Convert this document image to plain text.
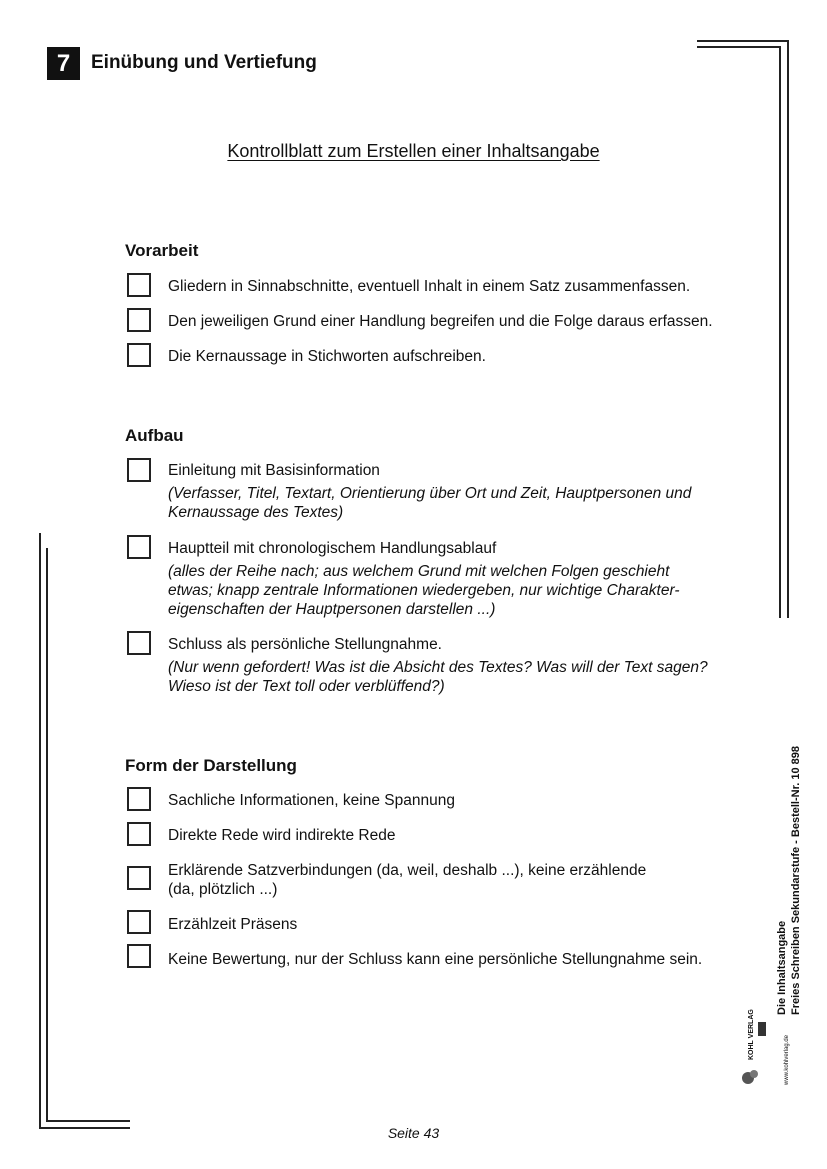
7	Einübung und Vertiefung
Kontrollblatt zum Erstellen einer Inhaltsangabe
Vorarbeit
Gliedern in Sinnabschnitte, eventuell Inhalt in einem Satz zusammenfassen.
Den jeweiligen Grund einer Handlung begreifen und die Folge daraus erfassen.
Die Kernaussage in Stichworten aufschreiben.
Aufbau
Einleitung mit Basisinformation
(Verfasser, Titel, Textart, Orientierung über Ort und Zeit, Hauptpersonen und Kernaussage des Textes)
Hauptteil mit chronologischem Handlungsablauf
(alles der Reihe nach; aus welchem Grund mit welchen Folgen geschieht etwas; knapp zentrale Informationen wiedergeben, nur wichtige Charakter-eigenschaften der Hauptpersonen darstellen ...)
Schluss als persönliche Stellungnahme.
(Nur wenn gefordert! Was ist die Absicht des Textes? Was will der Text sagen? Wieso ist der Text toll oder verblüffend?)
Form der Darstellung
Sachliche Informationen, keine Spannung
Direkte Rede wird indirekte Rede
Erklärende Satzverbindungen (da, weil, deshalb ...), keine erzählende (da, plötzlich ...)
Erzählzeit Präsens
Keine Bewertung, nur der Schluss kann eine persönliche Stellungnahme sein.	Die Inhaltsangabe Freies Schreiben Sekundarstufe - Bestell-Nr. 10 898
KOHL VERLAG	www.kohlverlag.de
Seite 43
